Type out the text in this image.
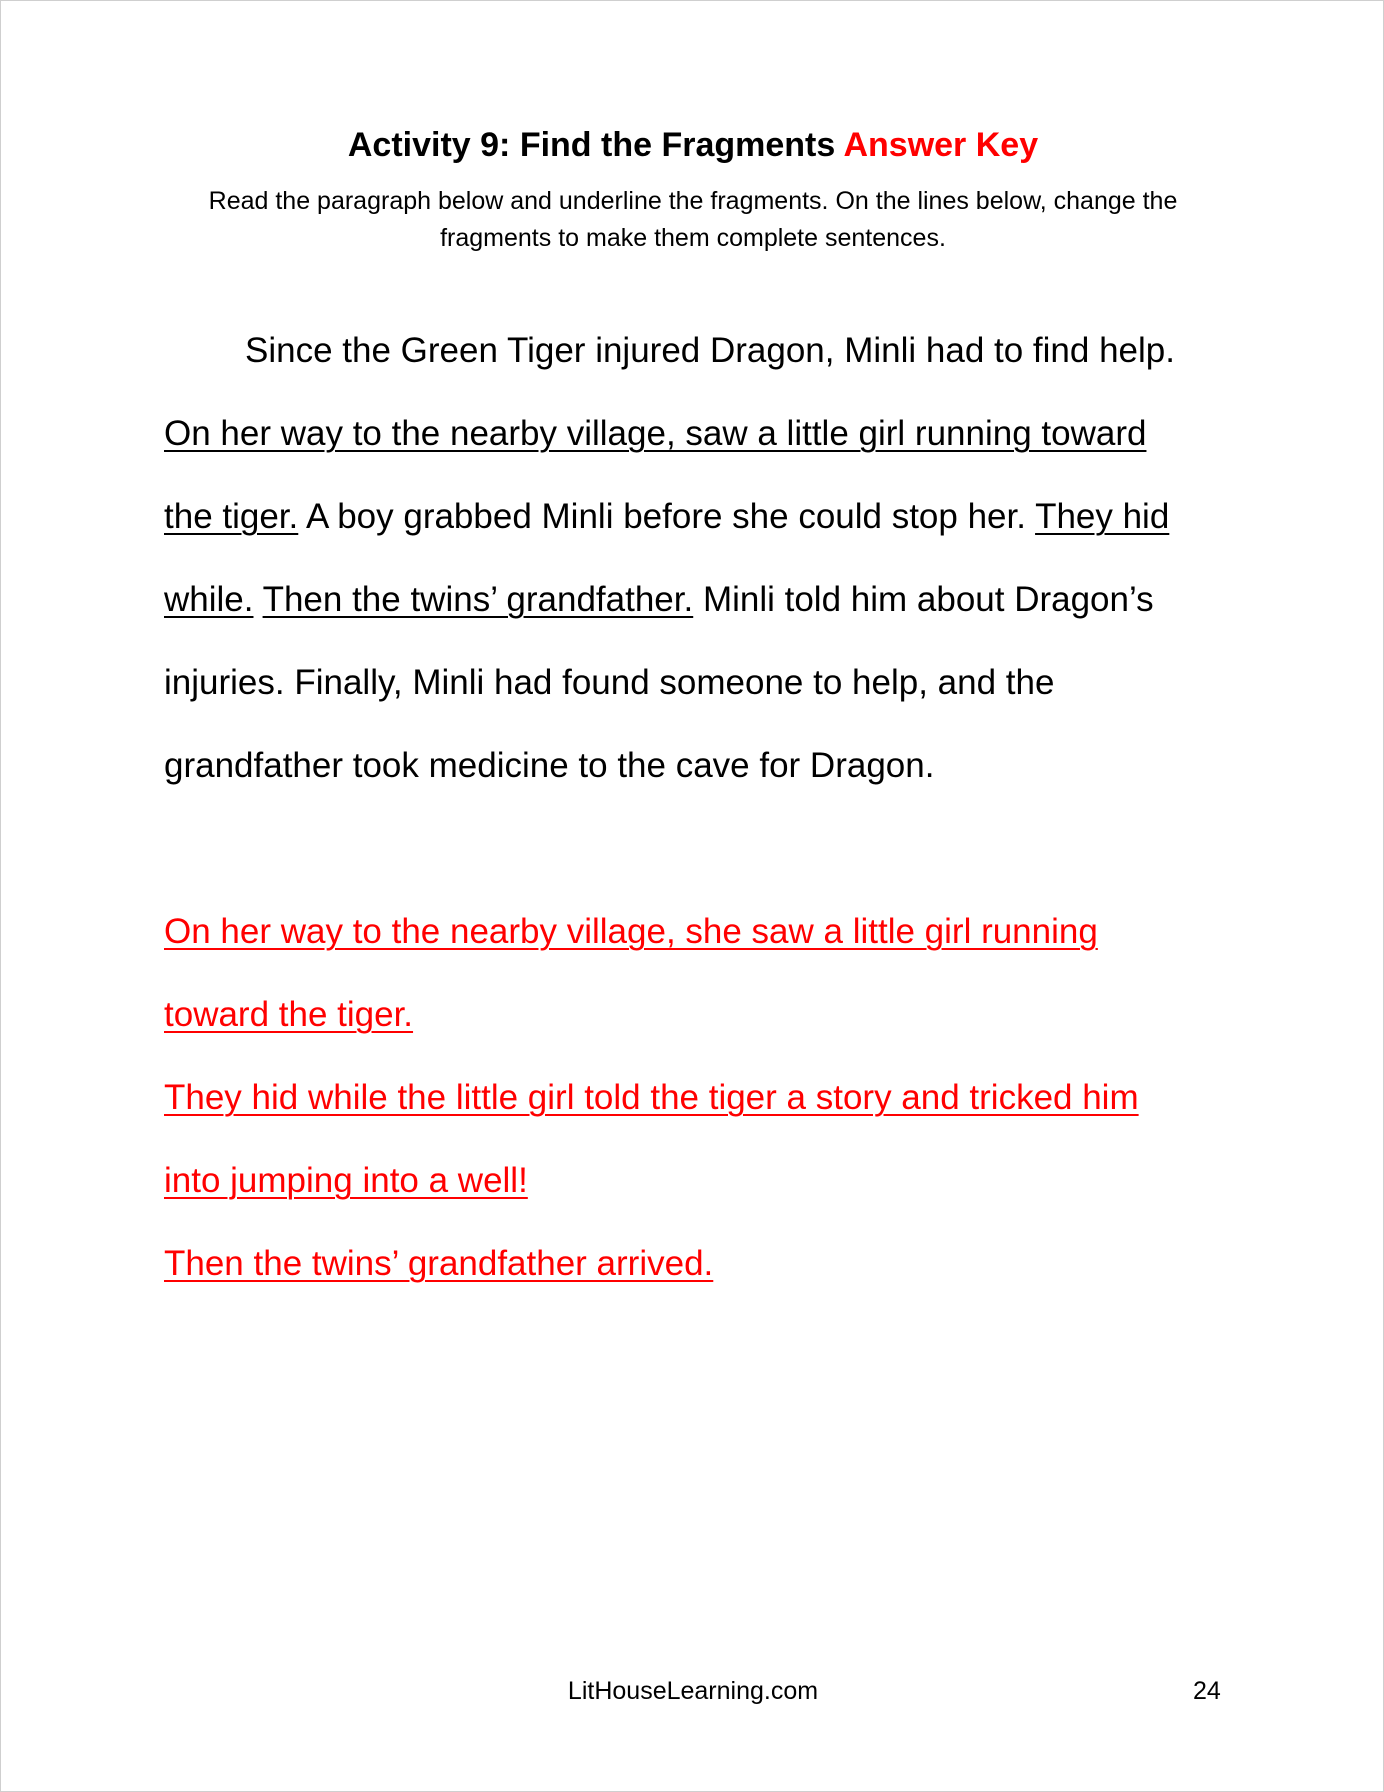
Activity 9: Find the Fragments Answer Key
Read the paragraph below and underline the fragments. On the lines below, change the fragments to make them complete sentences.
Since the Green Tiger injured Dragon, Minli had to find help.
On her way to the nearby village, saw a little girl running toward
the tiger. A boy grabbed Minli before she could stop her. They hid
while. Then the twins’ grandfather. Minli told him about Dragon’s
injuries. Finally, Minli had found someone to help, and the
grandfather took medicine to the cave for Dragon.
On her way to the nearby village, she saw a little girl running
toward the tiger.
They hid while the little girl told the tiger a story and tricked him
into jumping into a well!
Then the twins’ grandfather arrived.
LitHouseLearning.com	24
